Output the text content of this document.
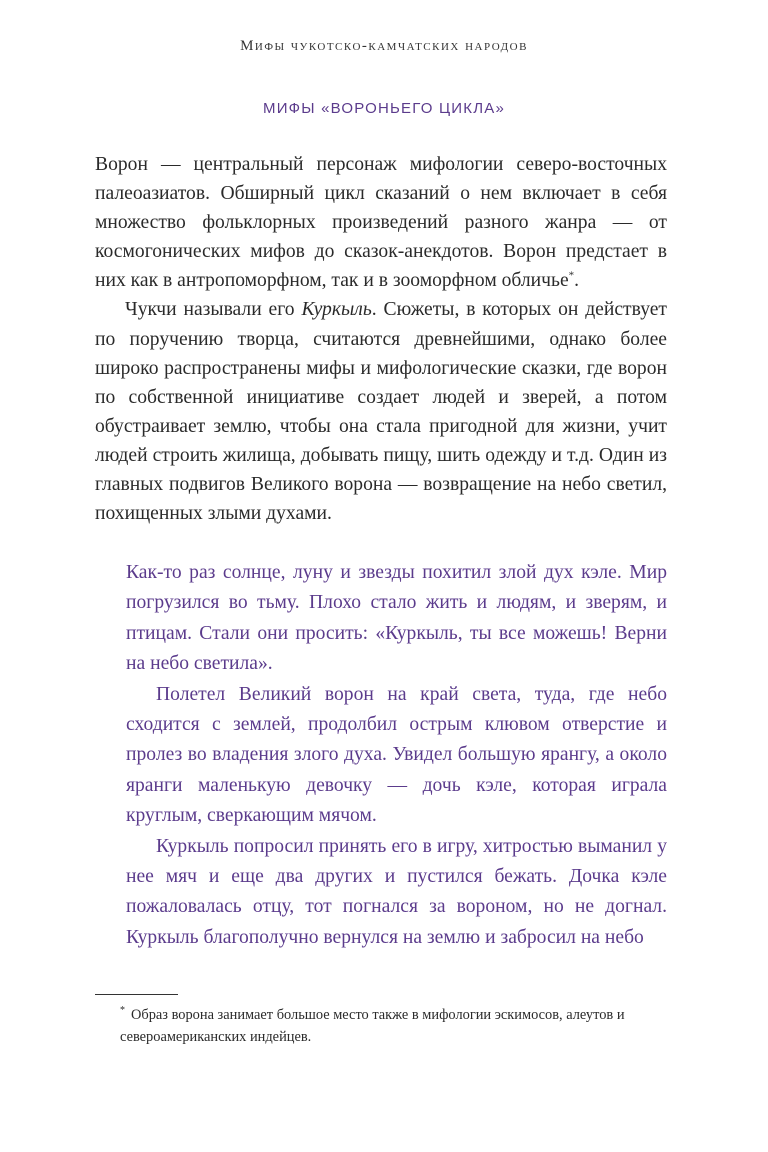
Мифы чукотско-камчатских народов
МИФЫ «ВОРОНЬЕГО ЦИКЛА»

Ворон — центральный персонаж мифологии северо-восточных палеоазиатов. Обширный цикл сказаний о нем включает в себя множество фольклорных произведений разного жанра — от космогонических мифов до сказок-анекдотов. Ворон предстает в них как в антропоморфном, так и в зооморфном обличье*.

Чукчи называли его Куркыль. Сюжеты, в которых он действует по поручению творца, считаются древнейшими, однако более широко распространены мифы и мифологические сказки, где ворон по собственной инициативе создает людей и зверей, а потом обустраивает землю, чтобы она стала пригодной для жизни, учит людей строить жилища, добывать пищу, шить одежду и т.д. Один из главных подвигов Великого ворона — возвращение на небо светил, похищенных злыми духами.

Как-то раз солнце, луну и звезды похитил злой дух кэле. Мир погрузился во тьму. Плохо стало жить и людям, и зверям, и птицам. Стали они просить: «Куркыль, ты все можешь! Верни на небо светила».

Полетел Великий ворон на край света, туда, где небо сходится с землей, продолбил острым клювом отверстие и пролез во владения злого духа. Увидел большую ярангу, а около яранги маленькую девочку — дочь кэле, которая играла круглым, сверкающим мячом.

Куркыль попросил принять его в игру, хитростью выманил у нее мяч и еще два других и пустился бежать. Дочка кэле пожаловалась отцу, тот погнался за вороном, но не догнал. Куркыль благополучно вернулся на землю и забросил на небо

* Образ ворона занимает большое место также в мифологии эскимосов, алеутов и североамериканских индейцев.
